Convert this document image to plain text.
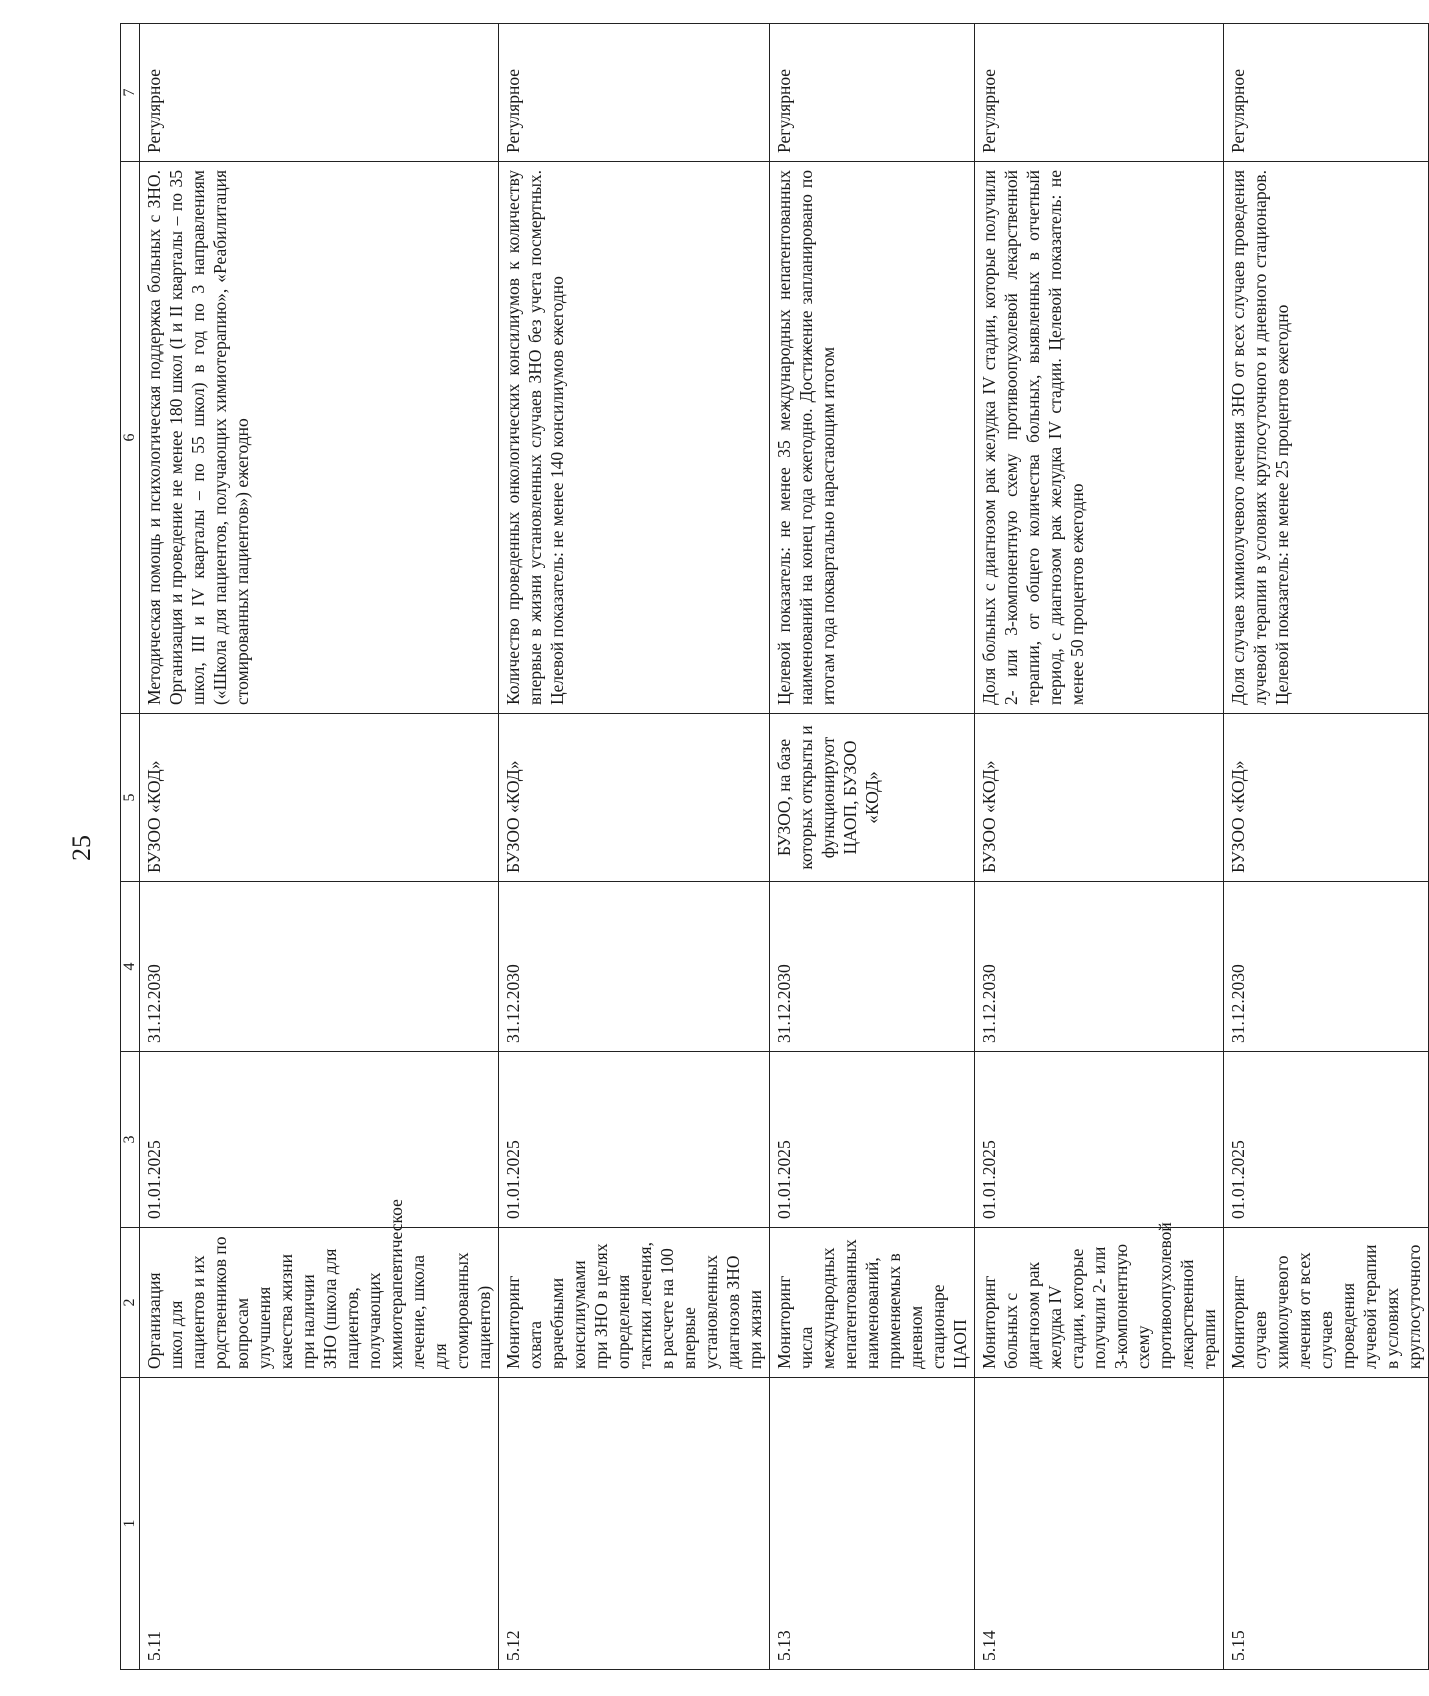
25
1	2	3	4	5	6	7
5.11	Организация школ для пациентов и их родственников по вопросам улучшения качества жизни при наличии ЗНО (школа для пациентов, получающих химиотерапевтическое лечение, школа для стомированных пациентов)	01.01.2025	31.12.2030	БУЗОО «КОД»	Методическая помощь и психологическая поддержка больных с ЗНО. Организация и проведение не менее 180 школ (I и II кварталы – по 35 школ, III и IV кварталы – по 55 школ) в год по 3 направлениям («Школа для пациентов, получающих химиотерапию», «Реабилитация стомированных пациентов») ежегодно	Регулярное
5.12	Мониторинг охвата врачебными консилиумами при ЗНО в целях определения тактики лечения, в расчете на 100 впервые установленных диагнозов ЗНО при жизни	01.01.2025	31.12.2030	БУЗОО «КОД»	Количество проведенных онкологических консилиумов к количеству впервые в жизни установленных случаев ЗНО без учета посмертных. Целевой показатель: не менее 140 консилиумов ежегодно	Регулярное
5.13	Мониторинг числа международных непатентованных наименований, применяемых в дневном стационаре ЦАОП	01.01.2025	31.12.2030	БУЗОО, на базе которых открыты и функционируют ЦАОП, БУЗОО «КОД»	Целевой показатель: не менее 35 международных непатентованных наименований на конец года ежегодно. Достижение запланировано по итогам года поквартально нарастающим итогом	Регулярное
5.14	Мониторинг больных с диагнозом рак желудка IV стадии, которые получили 2- или 3-компонентную схему противоопухолевой лекарственной терапии	01.01.2025	31.12.2030	БУЗОО «КОД»	Доля больных с диагнозом рак желудка IV стадии, которые получили 2- или 3-компонентную схему противоопухолевой лекарственной терапии, от общего количества больных, выявленных в отчетный период, с диагнозом рак желудка IV стадии. Целевой показатель: не менее 50 процентов ежегодно	Регулярное
5.15	Мониторинг случаев химиолучевого лечения от всех случаев проведения лучевой терапии в условиях круглосуточного	01.01.2025	31.12.2030	БУЗОО «КОД»	Доля случаев химиолучевого лечения ЗНО от всех случаев проведения лучевой терапии в условиях круглосуточного и дневного стационаров. Целевой показатель: не менее 25 процентов ежегодно	Регулярное
